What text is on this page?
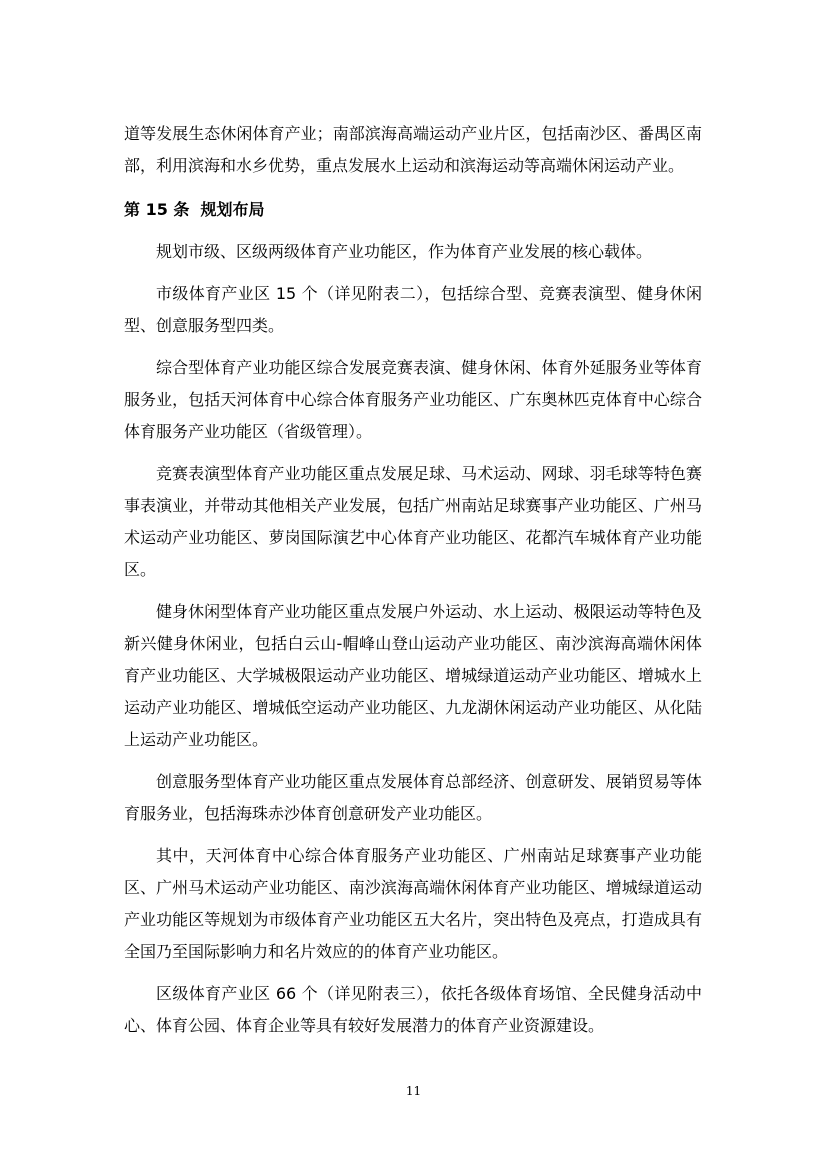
道等发展生态休闲体育产业；南部滨海高端运动产业片区，包括南沙区、番禺区南部，利用滨海和水乡优势，重点发展水上运动和滨海运动等高端休闲运动产业。

第 15 条  规划布局

规划市级、区级两级体育产业功能区，作为体育产业发展的核心载体。

市级体育产业区 15 个（详见附表二），包括综合型、竞赛表演型、健身休闲型、创意服务型四类。

综合型体育产业功能区综合发展竞赛表演、健身休闲、体育外延服务业等体育服务业，包括天河体育中心综合体育服务产业功能区、广东奥林匹克体育中心综合体育服务产业功能区（省级管理）。

竞赛表演型体育产业功能区重点发展足球、马术运动、网球、羽毛球等特色赛事表演业，并带动其他相关产业发展，包括广州南站足球赛事产业功能区、广州马术运动产业功能区、萝岗国际演艺中心体育产业功能区、花都汽车城体育产业功能区。

健身休闲型体育产业功能区重点发展户外运动、水上运动、极限运动等特色及新兴健身休闲业，包括白云山-帽峰山登山运动产业功能区、南沙滨海高端休闲体育产业功能区、大学城极限运动产业功能区、增城绿道运动产业功能区、增城水上运动产业功能区、增城低空运动产业功能区、九龙湖休闲运动产业功能区、从化陆上运动产业功能区。

创意服务型体育产业功能区重点发展体育总部经济、创意研发、展销贸易等体育服务业，包括海珠赤沙体育创意研发产业功能区。

其中，天河体育中心综合体育服务产业功能区、广州南站足球赛事产业功能区、广州马术运动产业功能区、南沙滨海高端休闲体育产业功能区、增城绿道运动产业功能区等规划为市级体育产业功能区五大名片，突出特色及亮点，打造成具有全国乃至国际影响力和名片效应的的体育产业功能区。

区级体育产业区 66 个（详见附表三），依托各级体育场馆、全民健身活动中心、体育公园、体育企业等具有较好发展潜力的体育产业资源建设。

11
